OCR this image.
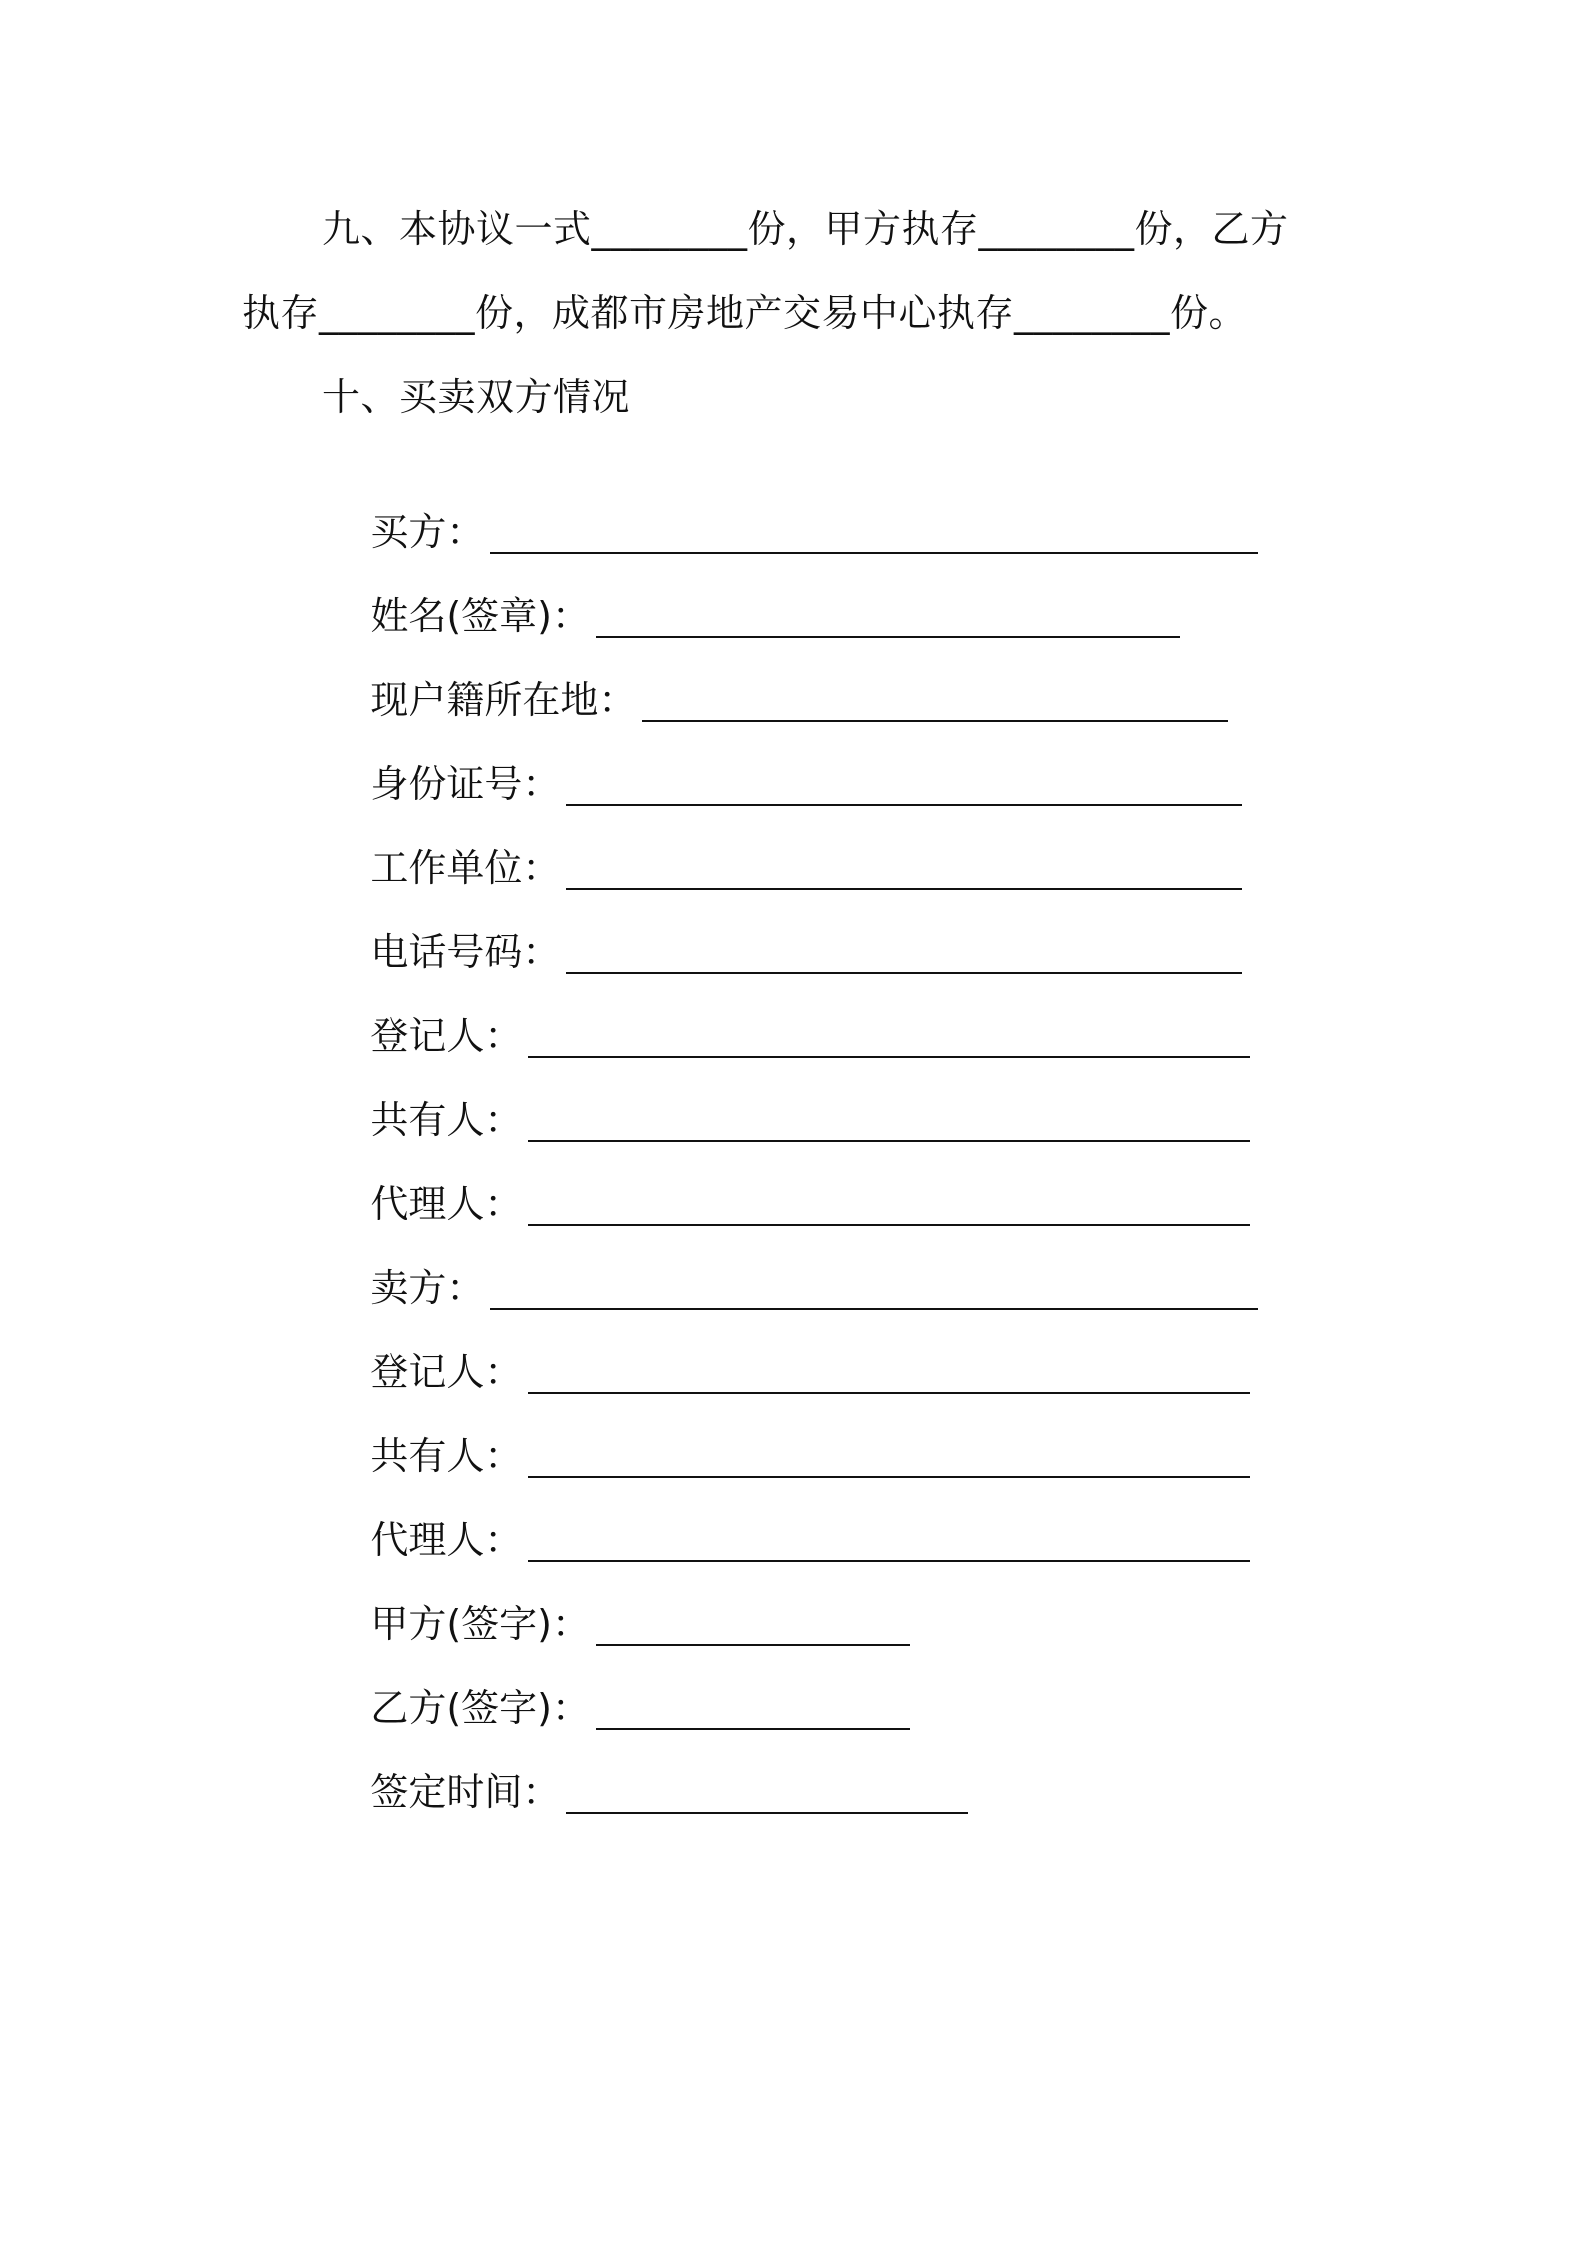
九、本协议一式________份，甲方执存________份，乙方
执存________份，成都市房地产交易中心执存________份。
十、买卖双方情况

买方：

姓名(签章)：

现户籍所在地：

身份证号：

工作单位：

电话号码：

登记人：

共有人：

代理人：

卖方：

登记人：

共有人：

代理人：

甲方(签字)：

乙方(签字)：

签定时间：
